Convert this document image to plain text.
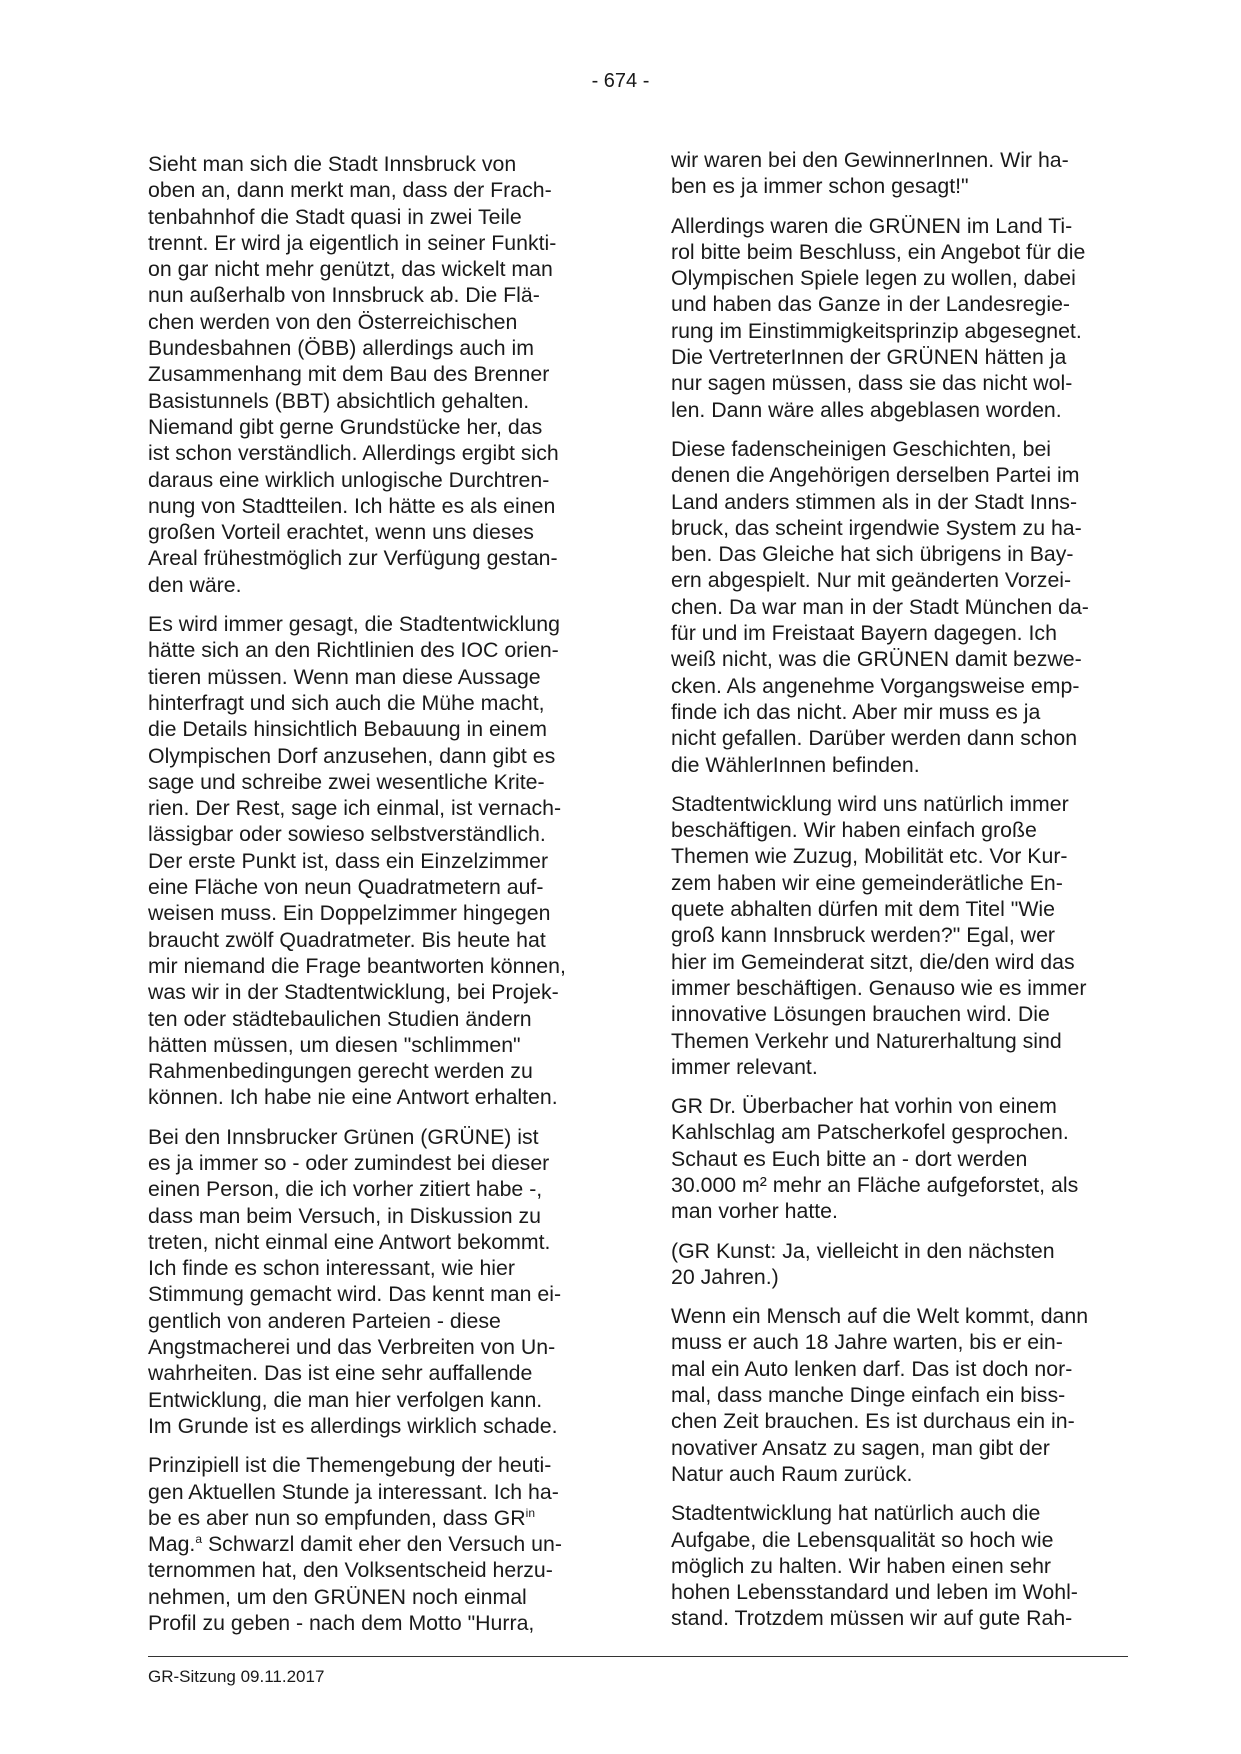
- 674 -
Sieht man sich die Stadt Innsbruck von
oben an, dann merkt man, dass der Frach-
tenbahnhof die Stadt quasi in zwei Teile
trennt. Er wird ja eigentlich in seiner Funkti-
on gar nicht mehr genützt, das wickelt man
nun außerhalb von Innsbruck ab. Die Flä-
chen werden von den Österreichischen
Bundesbahnen (ÖBB) allerdings auch im
Zusammenhang mit dem Bau des Brenner
Basistunnels (BBT) absichtlich gehalten.
Niemand gibt gerne Grundstücke her, das
ist schon verständlich. Allerdings ergibt sich
daraus eine wirklich unlogische Durchtren-
nung von Stadtteilen. Ich hätte es als einen
großen Vorteil erachtet, wenn uns dieses
Areal frühestmöglich zur Verfügung gestan-
den wäre.
Es wird immer gesagt, die Stadtentwicklung
hätte sich an den Richtlinien des IOC orien-
tieren müssen. Wenn man diese Aussage
hinterfragt und sich auch die Mühe macht,
die Details hinsichtlich Bebauung in einem
Olympischen Dorf anzusehen, dann gibt es
sage und schreibe zwei wesentliche Krite-
rien. Der Rest, sage ich einmal, ist vernach-
lässigbar oder sowieso selbstverständlich.
Der erste Punkt ist, dass ein Einzelzimmer
eine Fläche von neun Quadratmetern auf-
weisen muss. Ein Doppelzimmer hingegen
braucht zwölf Quadratmeter. Bis heute hat
mir niemand die Frage beantworten können,
was wir in der Stadtentwicklung, bei Projek-
ten oder städtebaulichen Studien ändern
hätten müssen, um diesen "schlimmen"
Rahmenbedingungen gerecht werden zu
können. Ich habe nie eine Antwort erhalten.
Bei den Innsbrucker Grünen (GRÜNE) ist
es ja immer so - oder zumindest bei dieser
einen Person, die ich vorher zitiert habe -,
dass man beim Versuch, in Diskussion zu
treten, nicht einmal eine Antwort bekommt.
Ich finde es schon interessant, wie hier
Stimmung gemacht wird. Das kennt man ei-
gentlich von anderen Parteien - diese
Angstmacherei und das Verbreiten von Un-
wahrheiten. Das ist eine sehr auffallende
Entwicklung, die man hier verfolgen kann.
Im Grunde ist es allerdings wirklich schade.
Prinzipiell ist die Themengebung der heuti-
gen Aktuellen Stunde ja interessant. Ich ha-
be es aber nun so empfunden, dass $GR^{in}$
Mag.$^a$ Schwarzl damit eher den Versuch un-
ternommen hat, den Volksentscheid herzu-
nehmen, um den GRÜNEN noch einmal
Profil zu geben - nach dem Motto "Hurra,
wir waren bei den GewinnerInnen. Wir ha-
ben es ja immer schon gesagt!"
Allerdings waren die GRÜNEN im Land Ti-
rol bitte beim Beschluss, ein Angebot für die
Olympischen Spiele legen zu wollen, dabei
und haben das Ganze in der Landesregie-
rung im Einstimmigkeitsprinzip abgesegnet.
Die VertreterInnen der GRÜNEN hätten ja
nur sagen müssen, dass sie das nicht wol-
len. Dann wäre alles abgeblasen worden.
Diese fadenscheinigen Geschichten, bei
denen die Angehörigen derselben Partei im
Land anders stimmen als in der Stadt Inns-
bruck, das scheint irgendwie System zu ha-
ben. Das Gleiche hat sich übrigens in Bay-
ern abgespielt. Nur mit geänderten Vorzei-
chen. Da war man in der Stadt München da-
für und im Freistaat Bayern dagegen. Ich
weiß nicht, was die GRÜNEN damit bezwe-
cken. Als angenehme Vorgangsweise emp-
finde ich das nicht. Aber mir muss es ja
nicht gefallen. Darüber werden dann schon
die WählerInnen befinden.
Stadtentwicklung wird uns natürlich immer
beschäftigen. Wir haben einfach große
Themen wie Zuzug, Mobilität etc. Vor Kur-
zem haben wir eine gemeinderätliche En-
quete abhalten dürfen mit dem Titel "Wie
groß kann Innsbruck werden?" Egal, wer
hier im Gemeinderat sitzt, die/den wird das
immer beschäftigen. Genauso wie es immer
innovative Lösungen brauchen wird. Die
Themen Verkehr und Naturerhaltung sind
immer relevant.
GR Dr. Überbacher hat vorhin von einem
Kahlschlag am Patscherkofel gesprochen.
Schaut es Euch bitte an - dort werden
30.000 m² mehr an Fläche aufgeforstet, als
man vorher hatte.
(GR Kunst: Ja, vielleicht in den nächsten
20 Jahren.)
Wenn ein Mensch auf die Welt kommt, dann
muss er auch 18 Jahre warten, bis er ein-
mal ein Auto lenken darf. Das ist doch nor-
mal, dass manche Dinge einfach ein biss-
chen Zeit brauchen. Es ist durchaus ein in-
novativer Ansatz zu sagen, man gibt der
Natur auch Raum zurück.
Stadtentwicklung hat natürlich auch die
Aufgabe, die Lebensqualität so hoch wie
möglich zu halten. Wir haben einen sehr
hohen Lebensstandard und leben im Wohl-
stand. Trotzdem müssen wir auf gute Rah-
GR-Sitzung 09.11.2017
